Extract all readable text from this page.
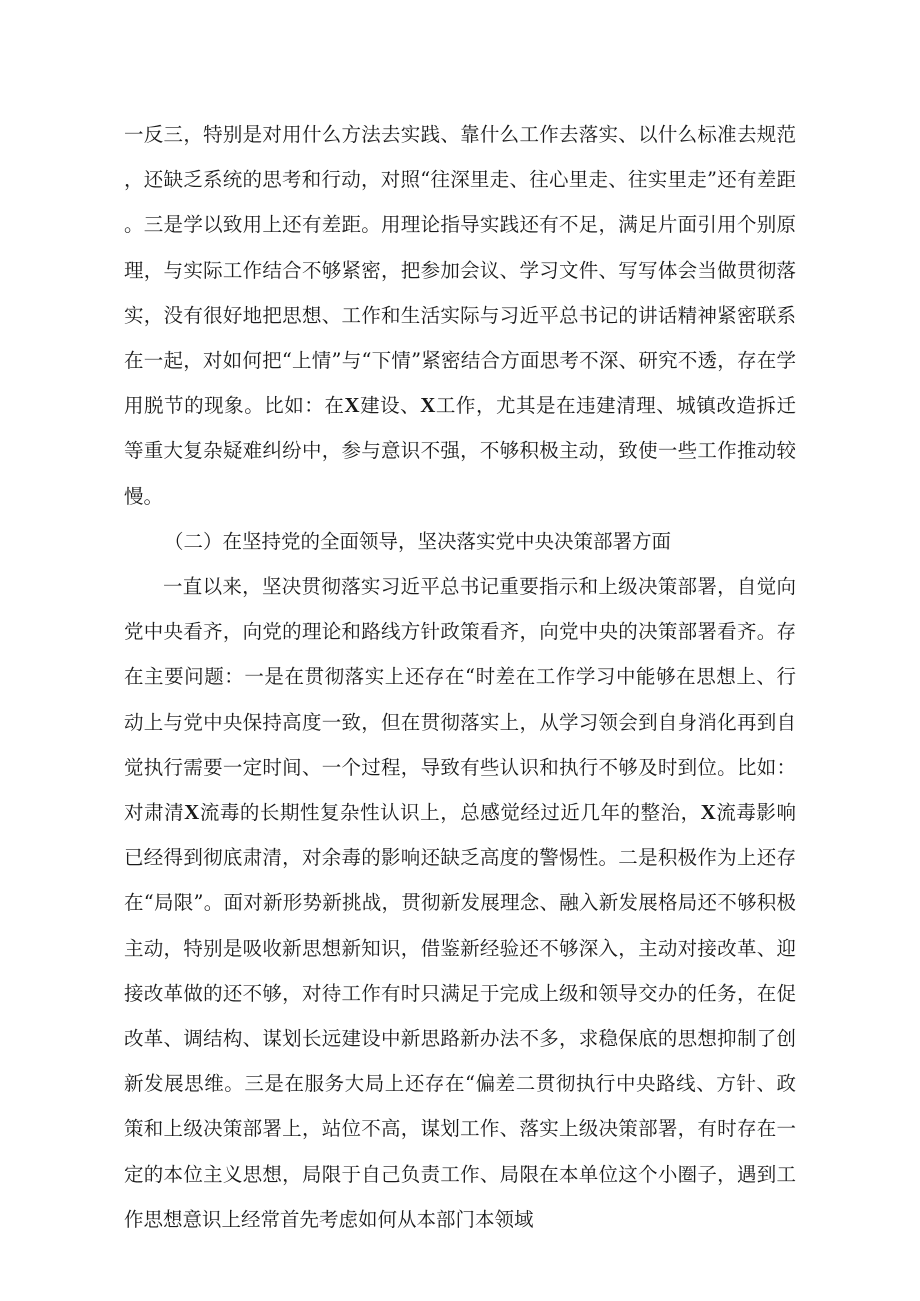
一反三，特别是对用什么方法去实践、靠什么工作去落实、以什么标准去规范，还缺乏系统的思考和行动，对照“往深里走、往心里走、往实里走”还有差距。三是学以致用上还有差距。用理论指导实践还有不足，满足片面引用个别原理，与实际工作结合不够紧密，把参加会议、学习文件、写写体会当做贯彻落实，没有很好地把思想、工作和生活实际与习近平总书记的讲话精神紧密联系在一起，对如何把“上情”与“下情”紧密结合方面思考不深、研究不透，存在学用脱节的现象。比如：在X建设、X工作，尤其是在违建清理、城镇改造拆迁等重大复杂疑难纠纷中，参与意识不强，不够积极主动，致使一些工作推动较慢。

（二）在坚持党的全面领导，坚决落实党中央决策部署方面

一直以来，坚决贯彻落实习近平总书记重要指示和上级决策部署，自觉向党中央看齐，向党的理论和路线方针政策看齐，向党中央的决策部署看齐。存在主要问题：一是在贯彻落实上还存在“时差在工作学习中能够在思想上、行动上与党中央保持高度一致，但在贯彻落实上，从学习领会到自身消化再到自觉执行需要一定时间、一个过程，导致有些认识和执行不够及时到位。比如：对肃清X流毒的长期性复杂性认识上，总感觉经过近几年的整治，X流毒影响已经得到彻底肃清，对余毒的影响还缺乏高度的警惕性。二是积极作为上还存在“局限”。面对新形势新挑战，贯彻新发展理念、融入新发展格局还不够积极主动，特别是吸收新思想新知识，借鉴新经验还不够深入，主动对接改革、迎接改革做的还不够，对待工作有时只满足于完成上级和领导交办的任务，在促改革、调结构、谋划长远建设中新思路新办法不多，求稳保底的思想抑制了创新发展思维。三是在服务大局上还存在“偏差二贯彻执行中央路线、方针、政策和上级决策部署上，站位不高，谋划工作、落实上级决策部署，有时存在一定的本位主义思想，局限于自己负责工作、局限在本单位这个小圈子，遇到工作思想意识上经常首先考虑如何从本部门本领域
